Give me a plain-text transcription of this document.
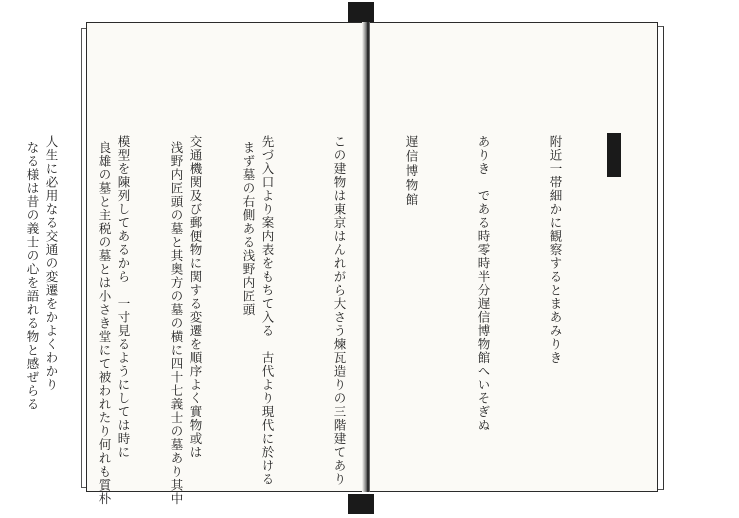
まず墓の右側ある浅野内匠頭

浅野内匠頭の墓と其奥方の墓の横に四十七義士の墓あり其中

良雄の墓と主税の墓とは小さき堂にて被われたり何れも質朴

なる様は昔の義士の心を語れる物と感ぜらる

	附近一帯細かに観察するとまあみりき

ありき　である時零時半分遅信博物館へいそぎぬ

遅信博物館

この建物は東京はんれがら大さう煉瓦造りの三階建てあり

先づ入口より案内表をもちて入る　古代より現代に於ける

交通機関及び郵便物に関する変遷を順序よく實物或は

模型を陳列してあるから　一寸見るようにしては時に

人生に必用なる交通の変遷をかよくわかり
